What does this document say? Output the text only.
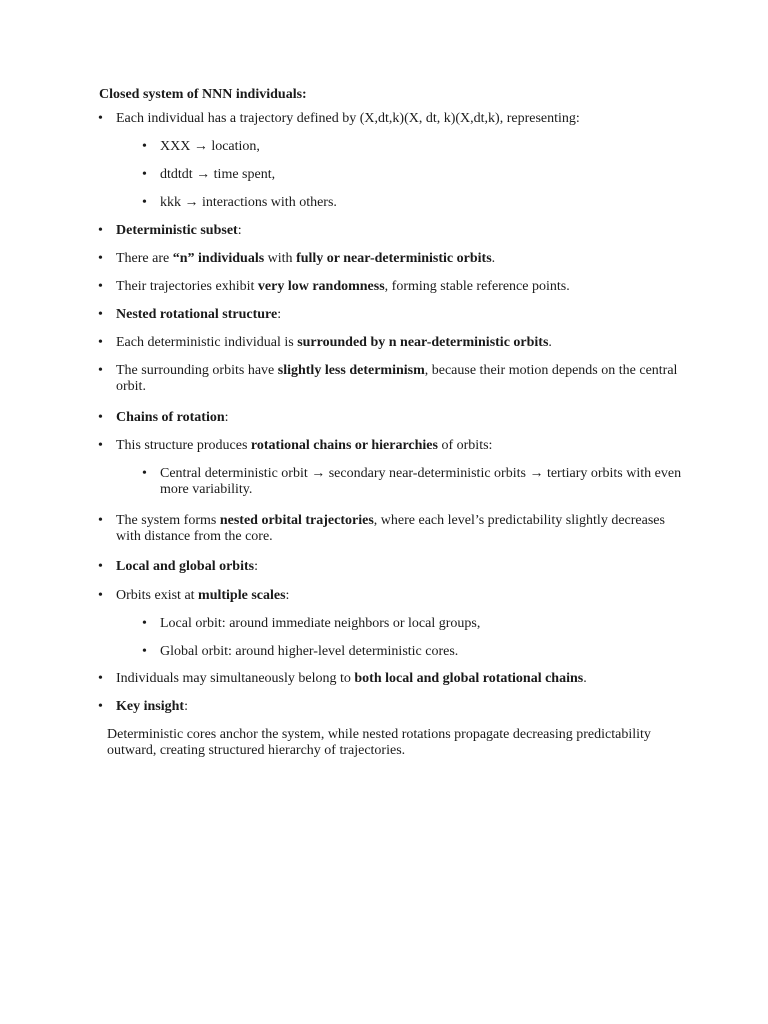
Closed system of NNN individuals:
• Each individual has a trajectory defined by (X,dt,k)(X, dt, k)(X,dt,k), representing:
• XXX → location,
• dtdtdt → time spent,
• kkk → interactions with others.
• Deterministic subset:
• There are “n” individuals with fully or near-deterministic orbits.
• Their trajectories exhibit very low randomness, forming stable reference points.
• Nested rotational structure:
• Each deterministic individual is surrounded by n near-deterministic orbits.
• The surrounding orbits have slightly less determinism, because their motion depends on the central orbit.
• Chains of rotation:
• This structure produces rotational chains or hierarchies of orbits:
• Central deterministic orbit → secondary near-deterministic orbits → tertiary orbits with even more variability.
• The system forms nested orbital trajectories, where each level’s predictability slightly decreases with distance from the core.
• Local and global orbits:
• Orbits exist at multiple scales:
• Local orbit: around immediate neighbors or local groups,
• Global orbit: around higher-level deterministic cores.
• Individuals may simultaneously belong to both local and global rotational chains.
• Key insight:
Deterministic cores anchor the system, while nested rotations propagate decreasing predictability outward, creating structured hierarchy of trajectories.
